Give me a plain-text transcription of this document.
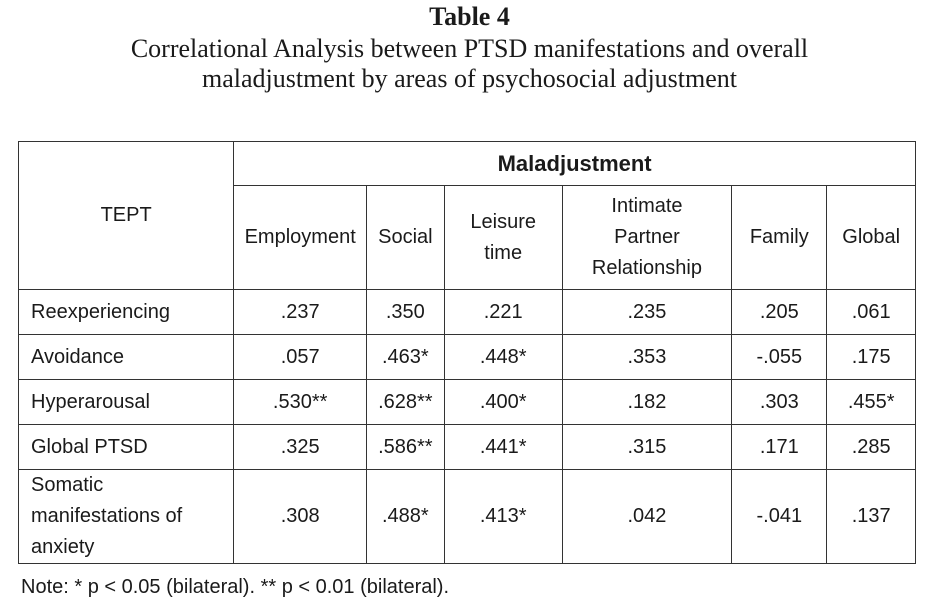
Table 4
Correlational Analysis between PTSD manifestations and overall maladjustment by areas of psychosocial adjustment
TEPT	Maladjustment					
	Employment	Social	Leisure time	Intimate Partner Relationship	Family	Global
Reexperiencing	.237	.350	.221	.235	.205	.061
Avoidance	.057	.463*	.448*	.353	-.055	.175
Hyperarousal	.530**	.628**	.400*	.182	.303	.455*
Global PTSD	.325	.586**	.441*	.315	.171	.285
Somatic manifestations of anxiety	.308	.488*	.413*	.042	-.041	.137
Note: * p < 0.05 (bilateral). ** p < 0.01 (bilateral).
